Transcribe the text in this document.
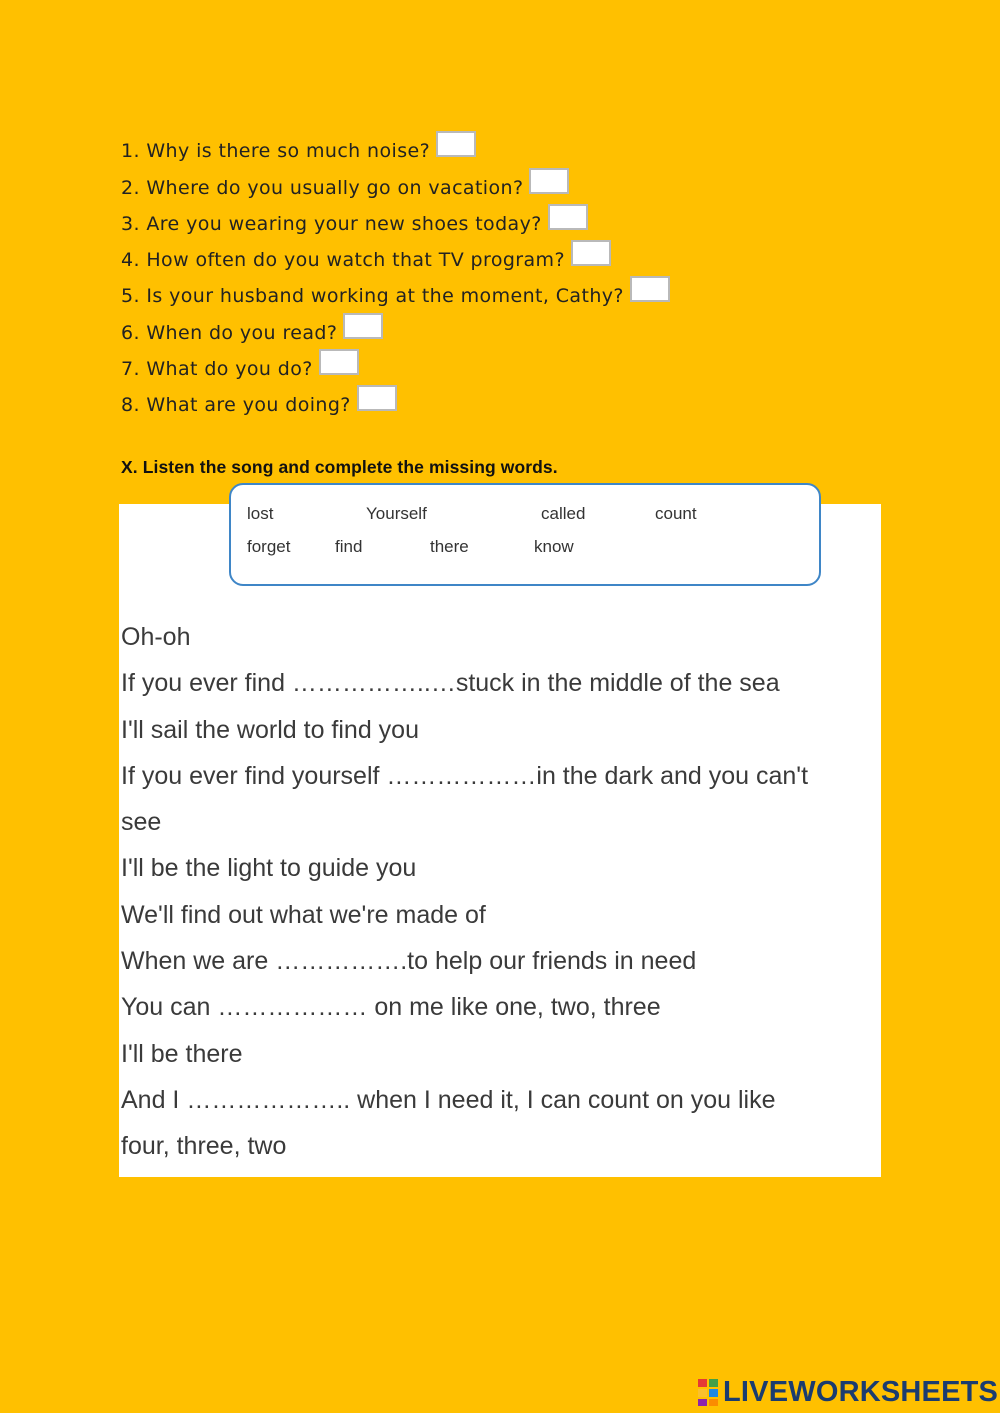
1. Why is there so much noise?
2. Where do you usually go on vacation?
3. Are you wearing your new shoes today?
4. How often do you watch that TV program?
5. Is your husband working at the moment, Cathy?
6. When do you read?
7. What do you do?
8. What are you doing?
X. Listen the song and complete the missing words.
lost	Yourself	called	count
forget	find	there	know
Oh-oh
If you ever find ……………..…stuck in the middle of the sea
I'll sail the world to find you
If you ever find yourself ………………in the dark and you can't
see
I'll be the light to guide you
We'll find out what we're made of
When we are …………….to help our friends in need
You can ……………… on me like one, two, three
I'll be there
And I ……………….. when I need it, I can count on you like
four, three, two
LIVEWORKSHEETS
